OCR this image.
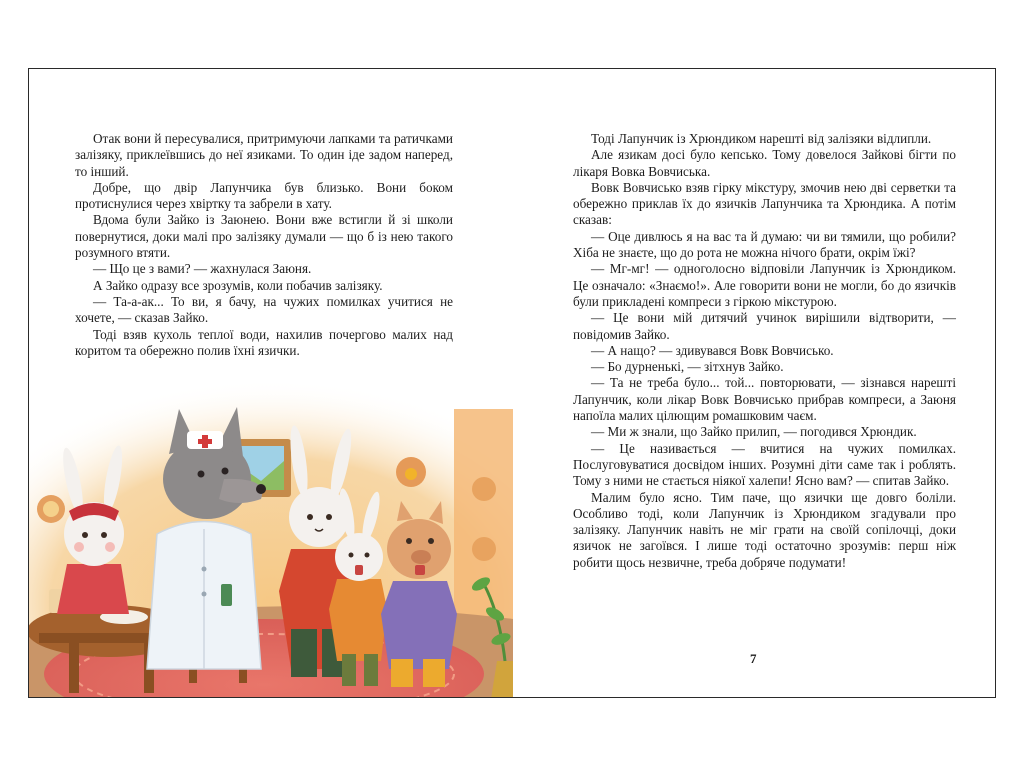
Отак вони й пересувалися, притримуючи лапками та ратичками залізяку, приклеївшись до неї язиками. То один іде задом наперед, то інший.

Добре, що двір Лапунчика був близько. Вони боком протиснулися через хвіртку та забрели в хату.

Вдома були Зайко із Заюнею. Вони вже встигли й зі школи повернутися, доки малі про залізяку думали — що б із нею такого розумного втяти.

— Що це з вами? — жахнулася Заюня.

А Зайко одразу все зрозумів, коли побачив залізяку.

— Та-а-ак... То ви, я бачу, на чужих помилках учитися не хочете, — сказав Зайко.

Тоді взяв кухоль теплої води, нахилив почергово малих над коритом та обережно полив їхні язички.

Тоді Лапунчик із Хрюндиком нарешті від залізяки відлипли.

Але язикам досі було кепсько. Тому довелося Зайкові бігти по лікаря Вовка Вовчиська.

Вовк Вовчисько взяв гірку мікстуру, змочив нею дві серветки та обережно приклав їх до язичків Лапунчика та Хрюндика. А потім сказав:

— Оце дивлюсь я на вас та й думаю: чи ви тямили, що робили? Хіба не знаєте, що до рота не можна нічого брати, окрім їжі?

— Мг-мг! — одноголосно відповіли Лапунчик із Хрюндиком. Це означало: «Знаємо!». Але говорити вони не могли, бо до язичків були прикладені компреси з гіркою мікстурою.

— Це вони мій дитячий учинок вирішили відтворити, — повідомив Зайко.

— А нащо? — здивувався Вовк Вовчисько.

— Бо дурненькі, — зітхнув Зайко.

— Та не треба було... той... повторювати, — зізнався нарешті Лапунчик, коли лікар Вовк Вовчисько прибрав компреси, а Заюня напоїла малих цілющим ромашковим чаєм.

— Ми ж знали, що Зайко прилип, — погодився Хрюндик.

— Це називається — вчитися на чужих помилках. Послуговуватися досвідом інших. Розумні діти саме так і роблять. Тому з ними не стається ніякої халепи! Ясно вам? — спитав Зайко.

Малим було ясно. Тим паче, що язички ще довго боліли. Особливо тоді, коли Лапунчик із Хрюндиком згадували про залізяку. Лапунчик навіть не міг грати на своїй сопілочці, доки язичок не загоївся. І лише тоді остаточно зрозумів: перш ніж робити щось незвичне, треба добряче подумати!

7
